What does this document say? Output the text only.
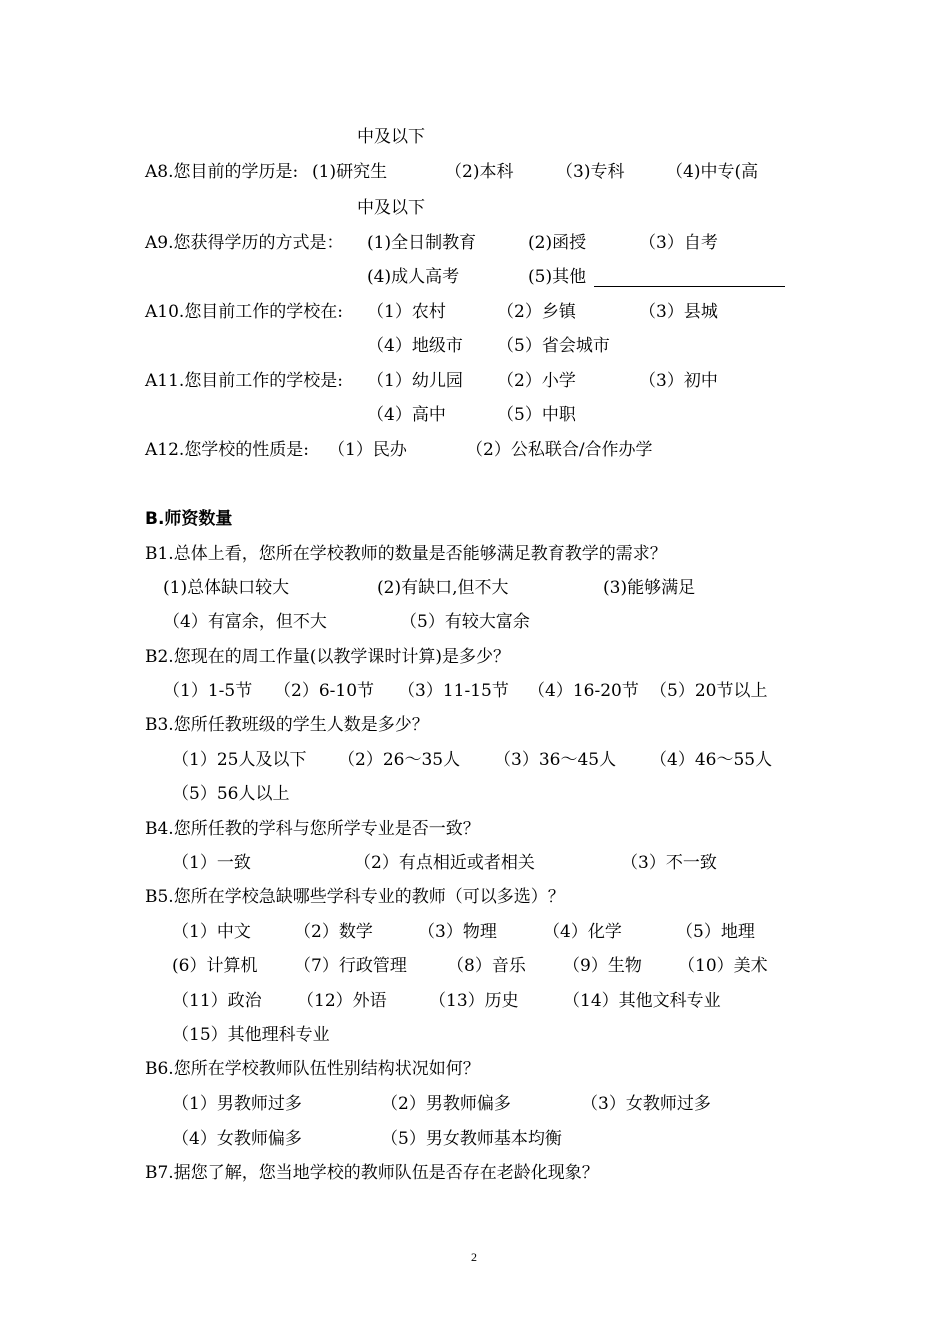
中及以下
A8.您目前的学历是: (1)研究生	（2)本科	（3)专科 （4)中专(高
中及以下
A9.您获得学历的方式是： (1)全日制教育	(2)函授	（3）自考
(4)成人高考	(5)其他
A10.您目前工作的学校在: （1）农村	（2）乡镇	（3）县城
（4）地级市 （5）省会城市
A11.您目前工作的学校是: （1）幼儿园 （2）小学	（3）初中
（4）高中	（5）中职
A12.您学校的性质是: （1）民办	（2）公私联合/合作办学
B.师资数量
B1.总体上看，您所在学校教师的数量是否能够满足教育教学的需求？
(1)总体缺口较大	(2)有缺口,但不大	(3)能够满足
（4）有富余，但不大	（5）有较大富余
B2.您现在的周工作量(以教学课时计算)是多少？
（1）1-5节 （2）6-10节 （3）11-15节 （4）16-20节 （5）20节以上
B3.您所任教班级的学生人数是多少？
（1）25人及以下 （2）26～35人 （3）36～45人 （4）46～55人
（5）56人以上
B4.您所任教的学科与您所学专业是否一致？
（1）一致	（2）有点相近或者相关	（3）不一致
B5.您所在学校急缺哪些学科专业的教师（可以多选）？
（1）中文	（2）数学	（3）物理	（4）化学	（5）地理
(6）计算机 （7）行政管理 （8）音乐 （9）生物 （10）美术
（11）政治 （12）外语 （13）历史	（14）其他文科专业
（15）其他理科专业
B6.您所在学校教师队伍性别结构状况如何？
（1）男教师过多	（2）男教师偏多	（3）女教师过多
（4）女教师偏多	（5）男女教师基本均衡
B7.据您了解，您当地学校的教师队伍是否存在老龄化现象？
2
